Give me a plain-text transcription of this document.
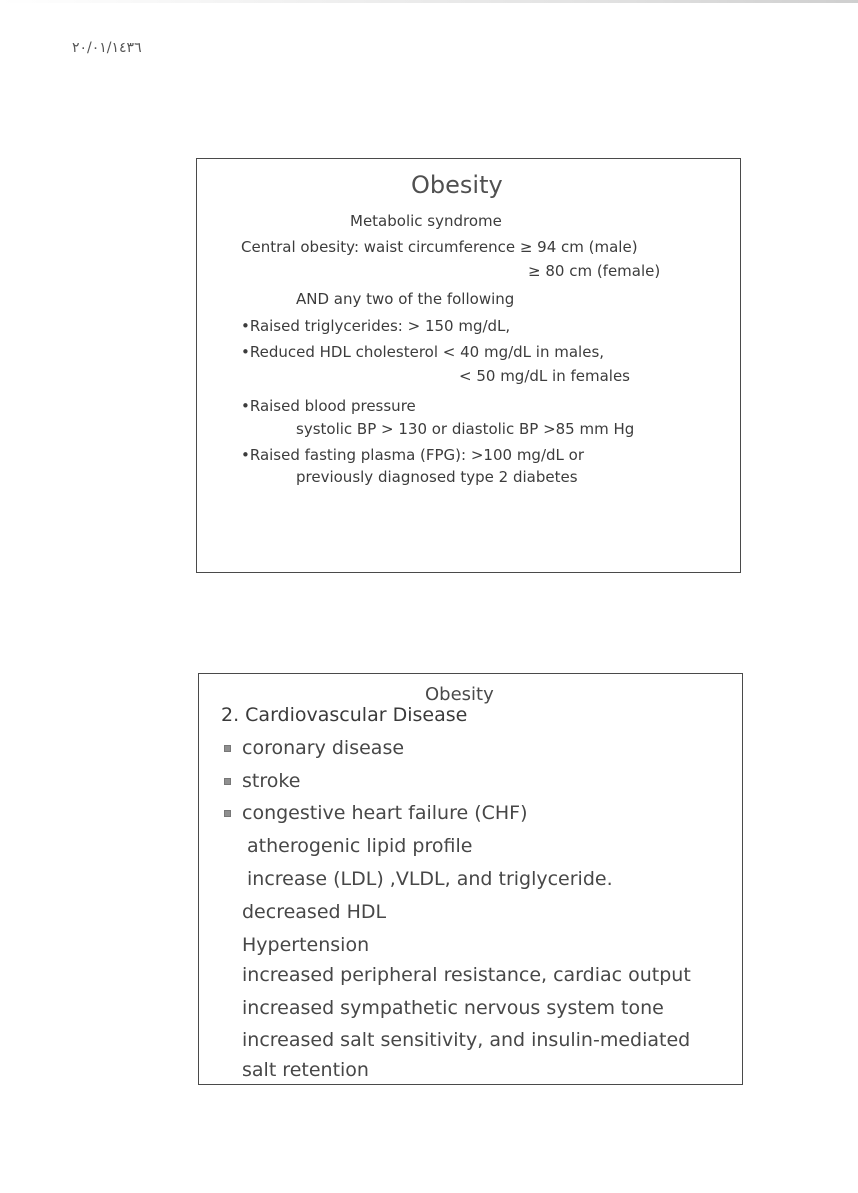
٢٠/٠١/١٤٣٦
Obesity
Metabolic syndrome
Central obesity: waist circumference ≥ 94 cm (male)
≥ 80 cm (female)
AND any two of the following
•Raised triglycerides: > 150 mg/dL,
•Reduced HDL cholesterol < 40 mg/dL in males,
< 50 mg/dL in females
•Raised blood pressure
systolic BP > 130 or diastolic BP >85 mm Hg
•Raised fasting plasma (FPG): >100 mg/dL or
previously diagnosed type 2 diabetes
Obesity
2. Cardiovascular Disease
coronary disease
stroke
congestive heart failure (CHF)
atherogenic lipid profile
increase (LDL) ,VLDL, and triglyceride.
decreased HDL
Hypertension
increased peripheral resistance, cardiac output
increased sympathetic nervous system tone
increased salt sensitivity, and insulin-mediated
salt retention
